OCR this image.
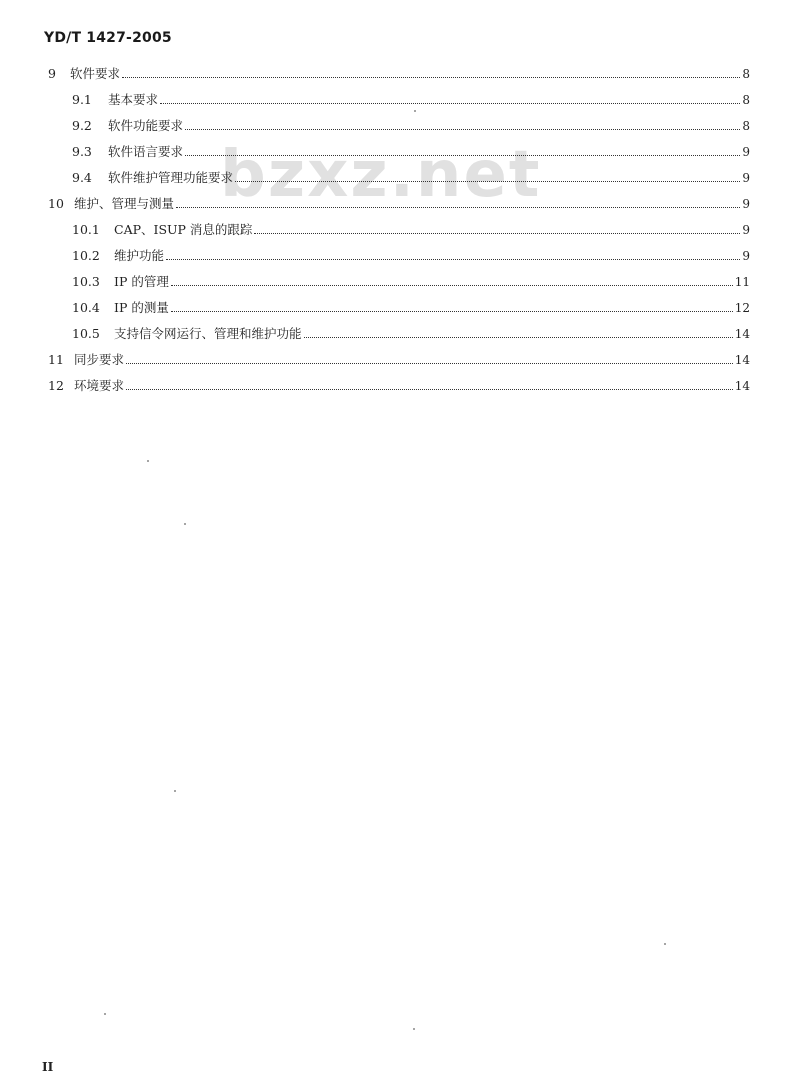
YD/T 1427-2005
bzxz.net
9	软件要求	8
9.1	基本要求	8
9.2	软件功能要求	8
9.3	软件语言要求	9
9.4	软件维护管理功能要求	9
10 维护、管理与测量	9
10.1	CAP、ISUP 消息的跟踪	9
10.2	维护功能	9
10.3	IP 的管理	11
10.4	IP 的测量	12
10.5	支持信令网运行、管理和维护功能	14
11 同步要求	14
12 环境要求	14
II
